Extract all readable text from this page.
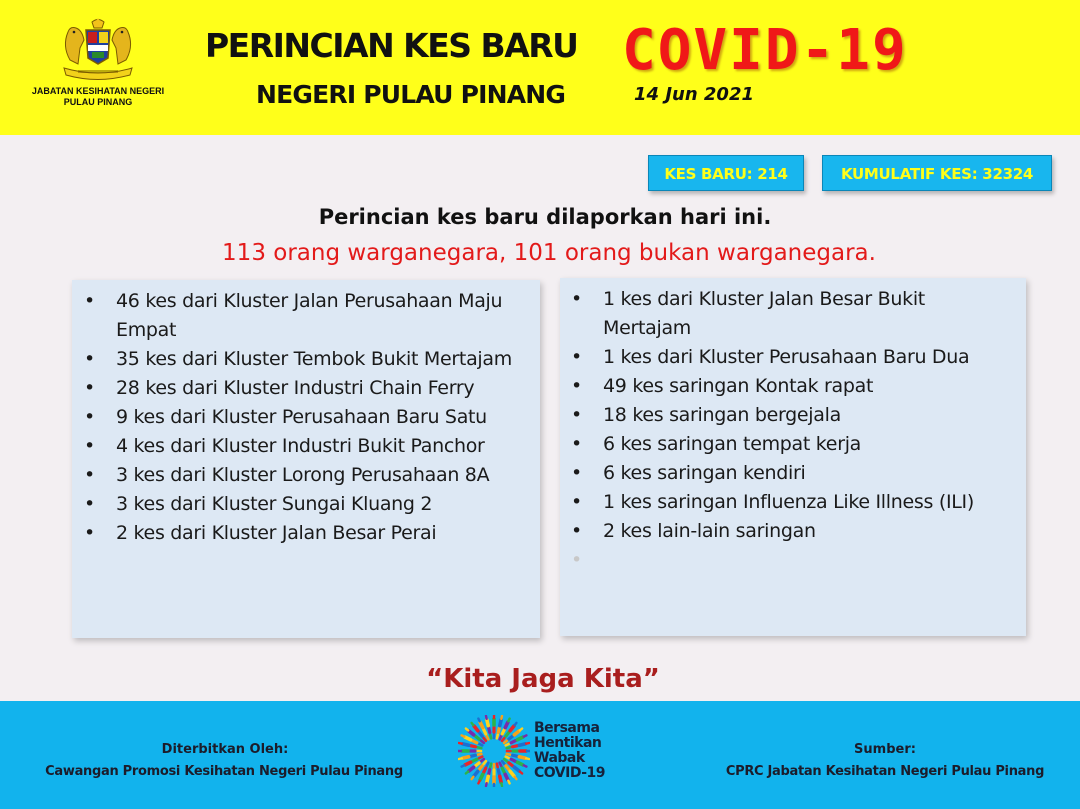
JABATAN KESIHATAN NEGERI
PULAU PINANG
PERINCIAN KES BARU COVID-19
NEGERI PULAU PINANG	14 Jun 2021
KES BARU: 214	KUMULATIF KES: 32324
Perincian kes baru dilaporkan hari ini.
113 orang warganegara, 101 orang bukan warganegara.
• 46 kes dari Kluster Jalan Perusahaan Maju Empat
• 35 kes dari Kluster Tembok Bukit Mertajam
• 28 kes dari Kluster Industri Chain Ferry
• 9 kes dari Kluster Perusahaan Baru Satu
• 4 kes dari Kluster Industri Bukit Panchor
• 3 kes dari Kluster Lorong Perusahaan 8A
• 3 kes dari Kluster Sungai Kluang 2
• 2 kes dari Kluster Jalan Besar Perai
• 1 kes dari Kluster Jalan Besar Bukit Mertajam
• 1 kes dari Kluster Perusahaan Baru Dua
• 49 kes saringan Kontak rapat
• 18 kes saringan bergejala
• 6 kes saringan tempat kerja
• 6 kes saringan kendiri
• 1 kes saringan Influenza Like Illness (ILI)
• 2 kes lain-lain saringan
•
“Kita Jaga Kita”
Diterbitkan Oleh:
Cawangan Promosi Kesihatan Negeri Pulau Pinang
Bersama
Hentikan
Wabak
COVID-19
Sumber:
CPRC Jabatan Kesihatan Negeri Pulau Pinang
